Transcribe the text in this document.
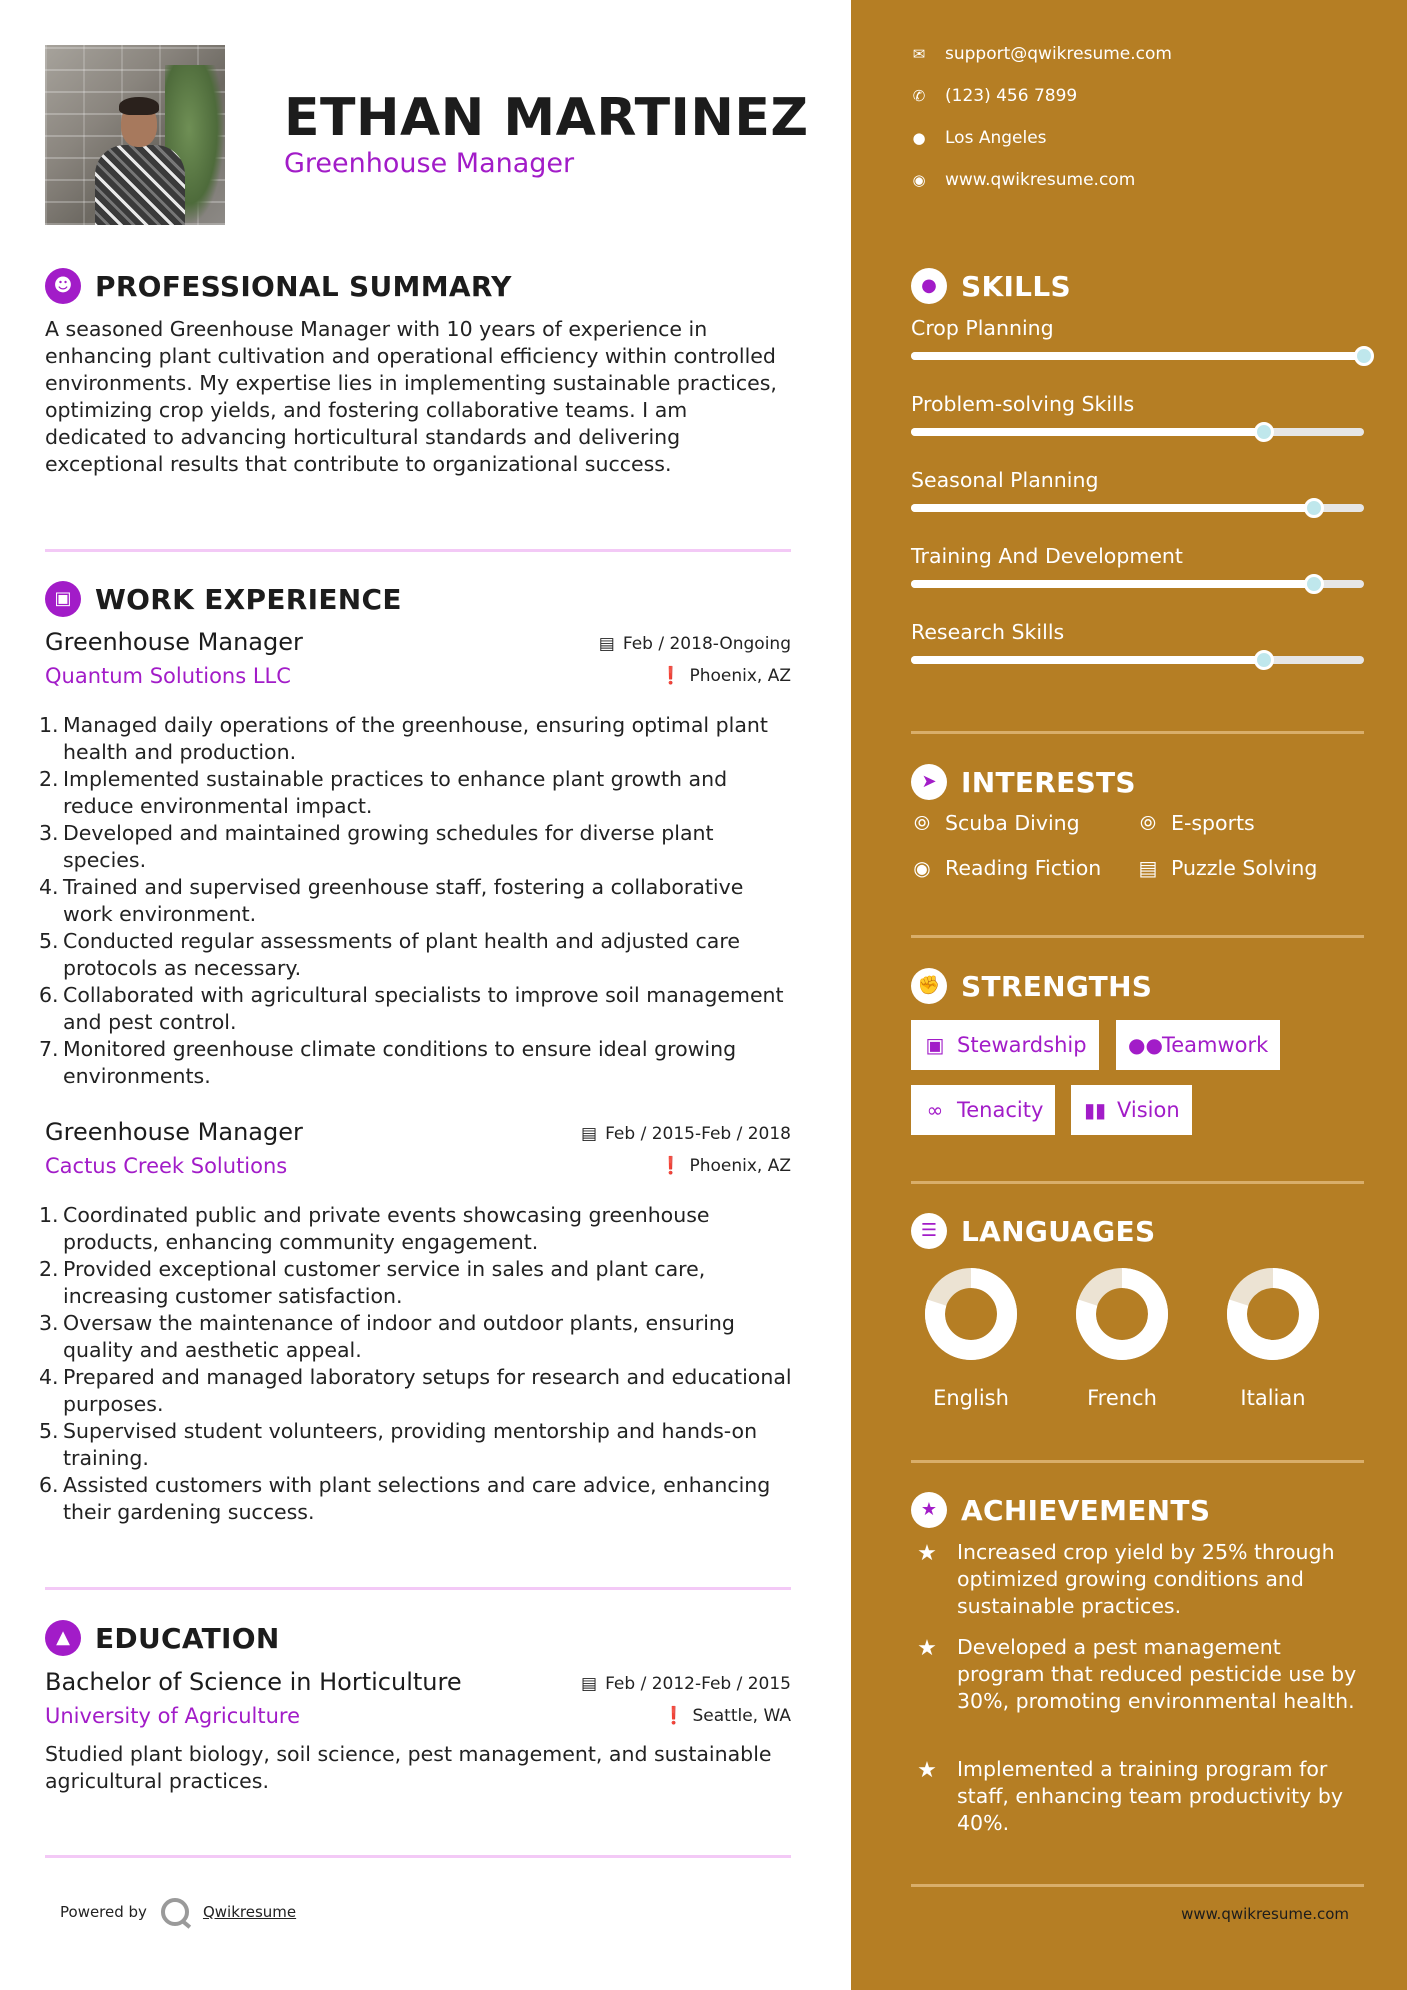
ETHAN MARTINEZ
Greenhouse Manager
☻ PROFESSIONAL SUMMARY
A seasoned Greenhouse Manager with 10 years of experience in enhancing plant cultivation and operational efficiency within controlled environments. My expertise lies in implementing sustainable practices, optimizing crop yields, and fostering collaborative teams. I am dedicated to advancing horticultural standards and delivering exceptional results that contribute to organizational success.
▣ WORK EXPERIENCE
Greenhouse Manager
Quantum Solutions LLC
▤ Feb / 2018-Ongoing
❗ Phoenix, AZ
1. Managed daily operations of the greenhouse, ensuring optimal plant health and production.
2. Implemented sustainable practices to enhance plant growth and reduce environmental impact.
3. Developed and maintained growing schedules for diverse plant species.
4. Trained and supervised greenhouse staff, fostering a collaborative work environment.
5. Conducted regular assessments of plant health and adjusted care protocols as necessary.
6. Collaborated with agricultural specialists to improve soil management and pest control.
7. Monitored greenhouse climate conditions to ensure ideal growing environments.
Greenhouse Manager
Cactus Creek Solutions
▤ Feb / 2015-Feb / 2018
❗ Phoenix, AZ
1. Coordinated public and private events showcasing greenhouse products, enhancing community engagement.
2. Provided exceptional customer service in sales and plant care, increasing customer satisfaction.
3. Oversaw the maintenance of indoor and outdoor plants, ensuring quality and aesthetic appeal.
4. Prepared and managed laboratory setups for research and educational purposes.
5. Supervised student volunteers, providing mentorship and hands-on training.
6. Assisted customers with plant selections and care advice, enhancing their gardening success.
▲ EDUCATION
Bachelor of Science in Horticulture
University of Agriculture
▤ Feb / 2012-Feb / 2015
❗ Seattle, WA
Studied plant biology, soil science, pest management, and sustainable agricultural practices.
Powered by	Qwikresume
✉ support@qwikresume.com
✆ (123) 456 7899
● Los Angeles
◉ www.qwikresume.com
● SKILLS
Crop Planning
Problem-solving Skills
Seasonal Planning
Training And Development
Research Skills
➤ INTERESTS
⦾ Scuba Diving	⦾ E-sports
◉ Reading Fiction ▤ Puzzle Solving
✊ STRENGTHS
▣ Stewardship ●● Teamwork
∞ Tenacity ▮▮ Vision
☰ LANGUAGES
English	French	Italian
★ ACHIEVEMENTS
★ Increased crop yield by 25% through optimized growing conditions and sustainable practices.
★ Developed a pest management program that reduced pesticide use by 30%, promoting environmental health.
★ Implemented a training program for staff, enhancing team productivity by 40%.
www.qwikresume.com
